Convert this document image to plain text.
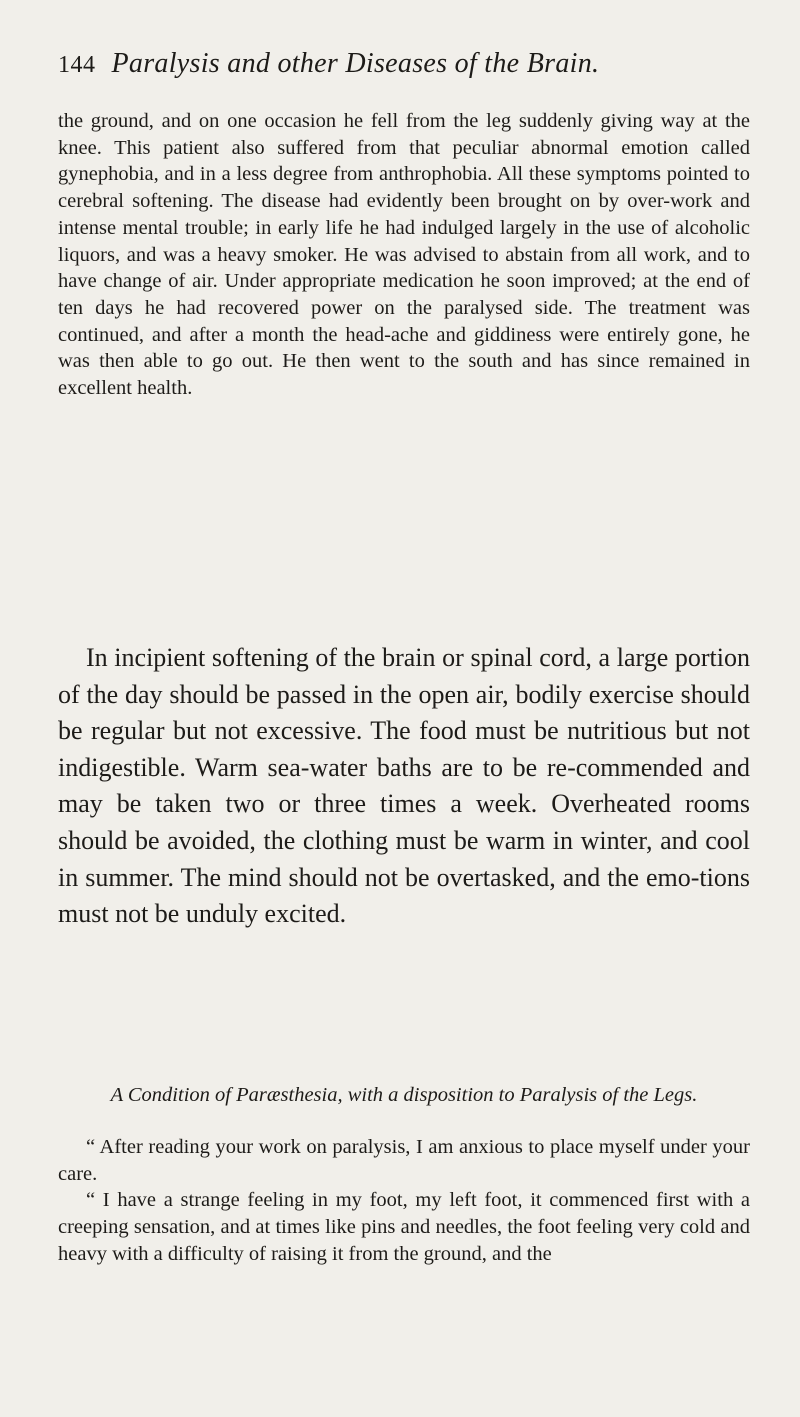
144 Paralysis and other Diseases of the Brain.

the ground, and on one occasion he fell from the leg suddenly giving way at the knee. This patient also suffered from that peculiar abnormal emotion called gynephobia, and in a less degree from anthrophobia. All these symptoms pointed to cerebral softening. The disease had evidently been brought on by over-work and intense mental trouble; in early life he had indulged largely in the use of alcoholic liquors, and was a heavy smoker. He was advised to abstain from all work, and to have change of air. Under appropriate medication he soon improved; at the end of ten days he had recovered power on the paralysed side. The treatment was continued, and after a month the head-ache and giddiness were entirely gone, he was then able to go out. He then went to the south and has since remained in excellent health.

In incipient softening of the brain or spinal cord, a large portion of the day should be passed in the open air, bodily exercise should be regular but not excessive. The food must be nutritious but not indigestible. Warm sea-water baths are to be re-commended and may be taken two or three times a week. Overheated rooms should be avoided, the clothing must be warm in winter, and cool in summer. The mind should not be overtasked, and the emo-tions must not be unduly excited.

A Condition of Paræsthesia, with a disposition to Paralysis of the Legs.

“ After reading your work on paralysis, I am anxious to place myself under your care.

“ I have a strange feeling in my foot, my left foot, it commenced first with a creeping sensation, and at times like pins and needles, the foot feeling very cold and heavy with a difficulty of raising it from the ground, and the
